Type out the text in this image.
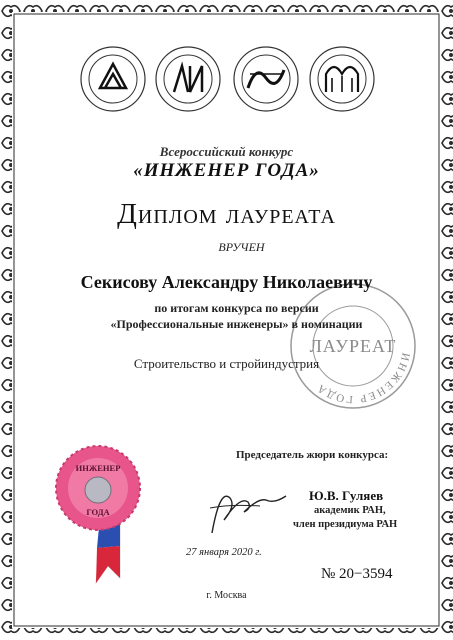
ИНЖЕНЕР ГОДА
ЛАУРЕАТ

Всероссийский конкурс

«ИНЖЕНЕР ГОДА»

Диплом лауреата

ВРУЧЕН

Секисову Александру Николаевичу

по итогам конкурса по версии

«Профессиональные инженеры» в номинации

Строительство и стройиндустрия

ИНЖЕНЕР
ГОДА

Председатель жюри конкурса:

Ю.В. Гуляев

академик РАН,

член президиума РАН

27 января 2020 г.

№ 20−3594

г. Москва
